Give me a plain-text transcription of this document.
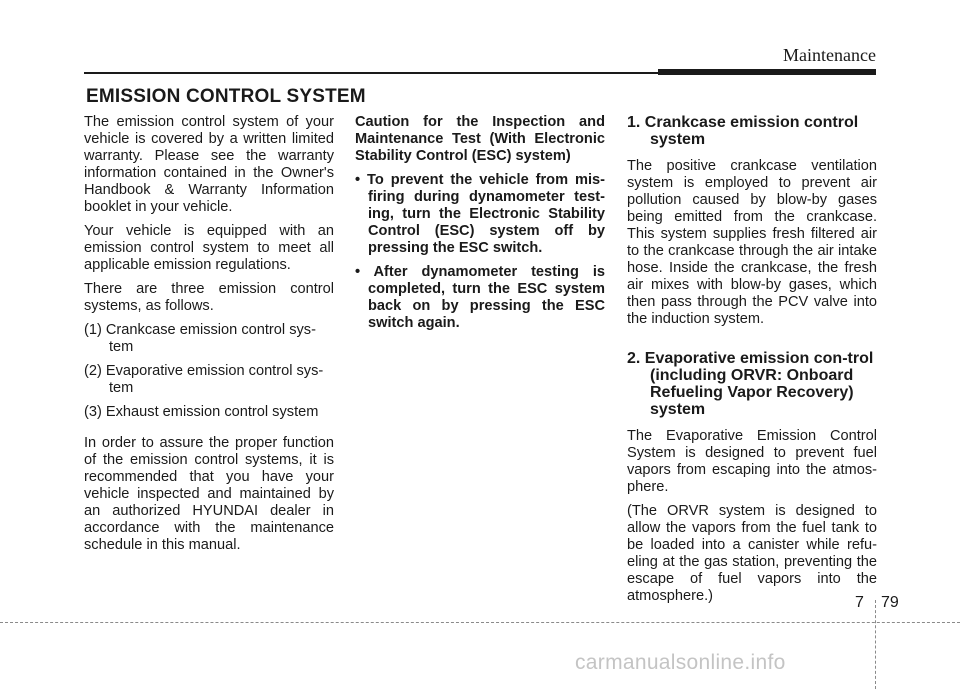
Maintenance
EMISSION CONTROL SYSTEM

The emission control system of your vehicle is covered by a written limited warranty. Please see the warranty information contained in the Owner's Handbook & Warranty Information booklet in your vehicle.

Your vehicle is equipped with an emission control system to meet all applicable emission regulations.

There are three emission control systems, as follows.

(1) Crankcase emission control sys-tem
(2) Evaporative emission control sys-tem
(3) Exhaust emission control system

In order to assure the proper function of the emission control systems, it is recommended that you have your vehicle inspected and maintained by an authorized HYUNDAI dealer in accordance with the maintenance schedule in this manual.

Caution for the Inspection and Maintenance Test (With Electronic Stability Control (ESC) system)

• To prevent the vehicle from mis-firing during dynamometer test-ing, turn the Electronic Stability Control (ESC) system off by pressing the ESC switch.
• After dynamometer testing is completed, turn the ESC system back on by pressing the ESC switch again.
1. Crankcase emission control system

The positive crankcase ventilation system is employed to prevent air pollution caused by blow-by gases being emitted from the crankcase. This system supplies fresh filtered air to the crankcase through the air intake hose. Inside the crankcase, the fresh air mixes with blow-by gases, which then pass through the PCV valve into the induction system.

2. Evaporative emission con-trol (including ORVR: Onboard Refueling Vapor Recovery) system

The Evaporative Emission Control System is designed to prevent fuel vapors from escaping into the atmos-phere.

(The ORVR system is designed to allow the vapors from the fuel tank to be loaded into a canister while refu-eling at the gas station, preventing the escape of fuel vapors into the atmosphere.)	7 79
carmanualsonline.info
